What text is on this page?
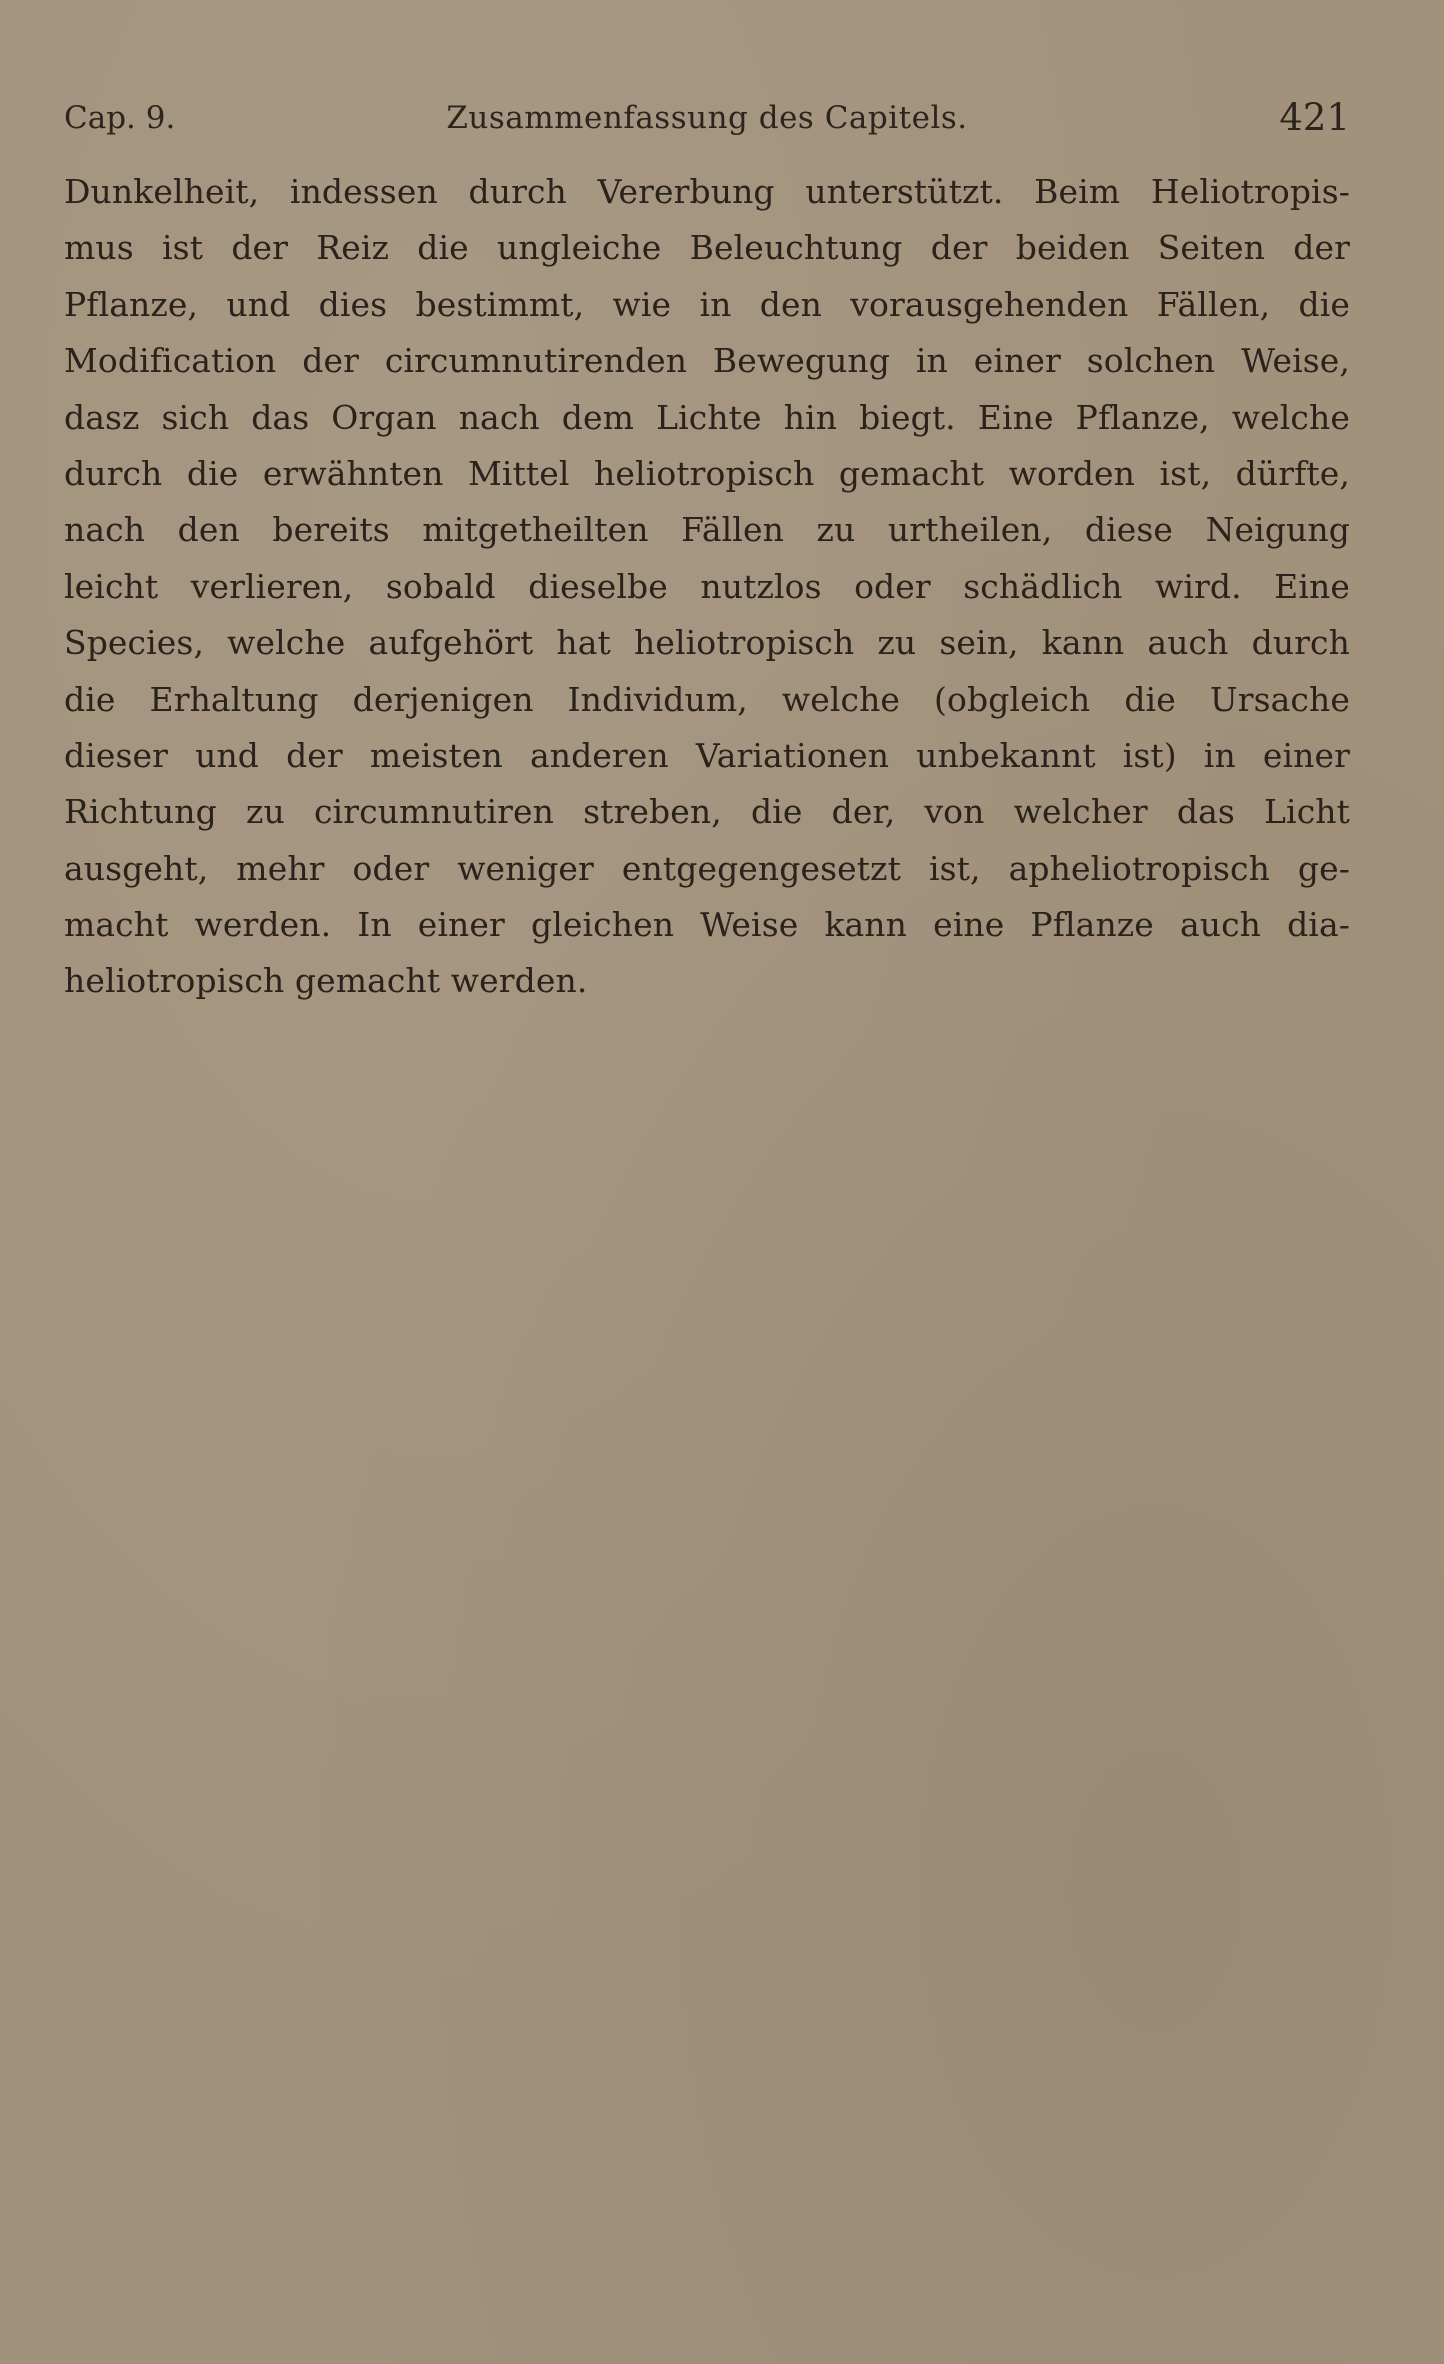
Cap. 9.	Zusammenfassung des Capitels.	421
Dunkelheit, indessen durch Vererbung unterstützt. Beim Heliotropis-
mus ist der Reiz die ungleiche Beleuchtung der beiden Seiten der
Pflanze, und dies bestimmt, wie in den vorausgehenden Fällen, die
Modification der circumnutirenden Bewegung in einer solchen Weise,
dasz sich das Organ nach dem Lichte hin biegt. Eine Pflanze, welche
durch die erwähnten Mittel heliotropisch gemacht worden ist, dürfte,
nach den bereits mitgetheilten Fällen zu urtheilen, diese Neigung
leicht verlieren, sobald dieselbe nutzlos oder schädlich wird. Eine
Species, welche aufgehört hat heliotropisch zu sein, kann auch durch
die Erhaltung derjenigen Individum, welche (obgleich die Ursache
dieser und der meisten anderen Variationen unbekannt ist) in einer
Richtung zu circumnutiren streben, die der, von welcher das Licht
ausgeht, mehr oder weniger entgegengesetzt ist, apheliotropisch ge-
macht werden. In einer gleichen Weise kann eine Pflanze auch dia-
heliotropisch gemacht werden.
